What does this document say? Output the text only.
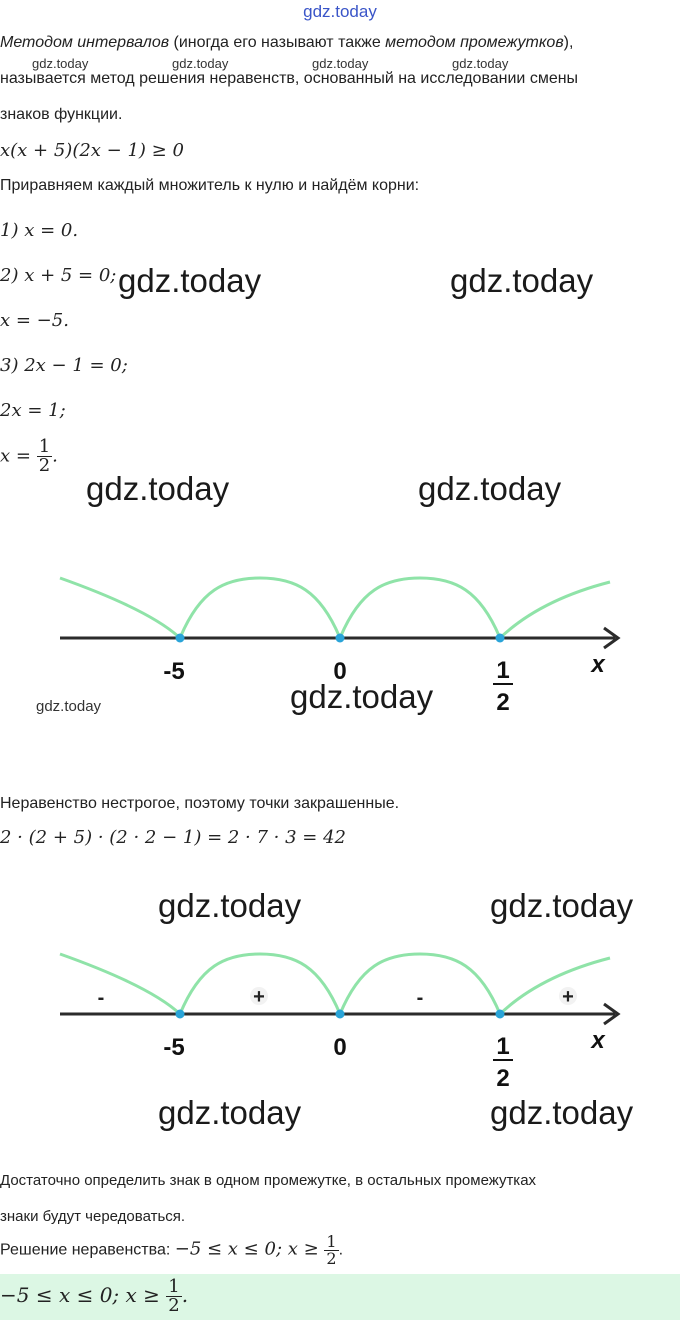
gdz.today
Методом интервалов (иногда его называют также методом промежутков),
gdz.today	gdz.today	gdz.today	gdz.today
называется метод решения неравенств, основанный на исследовании смены
знаков функции.
x(x + 5)(2x − 1) ≥ 0
Приравняем каждый множитель к нулю и найдём корни:
1) x = 0.
2) x + 5 = 0; gdz.today	gdz.today
x = −5.
3) 2x − 1 = 0;
2x = 1;
$x = \frac{1}{2}$ .
gdz.today	gdz.today
-5	0	1
2
x
gdz.today	gdz.today
Неравенство нестрогое, поэтому точки закрашенные.
2 · (2 + 5) · (2 · 2 − 1) = 2 · 7 · 3 = 42
gdz.today	gdz.today
-	+	-	+
-5	0	1
2
x
gdz.today	gdz.today
Достаточно определить знак в одном промежутке, в остальных промежутках
знаки будут чередоваться.
Решение неравенства: −5 ≤ x ≤ 0; $x \ge \frac{1}{2}$ .
−5 ≤ x ≤ 0; $x \ge \frac{1}{2}$ .
